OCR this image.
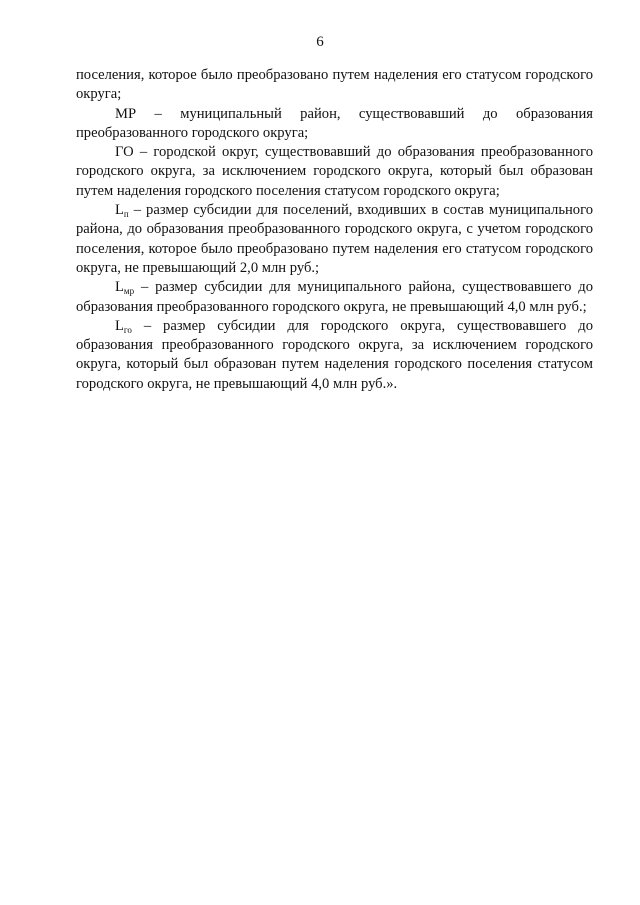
6

поселения, которое было преобразовано путем наделения его статусом городского округа;

МР – муниципальный район, существовавший до образования преобразованного городского округа;

ГО – городской округ, существовавший до образования преобразованного городского округа, за исключением городского округа, который был образован путем наделения городского поселения статусом городского округа;

$L_п$ – размер субсидии для поселений, входивших в состав муниципального района, до образования преобразованного городского округа, с учетом городского поселения, которое было преобразовано путем наделения его статусом городского округа, не превышающий 2,0 млн руб.;

$L_{мр}$ – размер субсидии для муниципального района, существовавшего до образования преобразованного городского округа, не превышающий 4,0 млн руб.;

$L_{го}$ – размер субсидии для городского округа, существовавшего до образования преобразованного городского округа, за исключением городского округа, который был образован путем наделения городского поселения статусом городского округа, не превышающий 4,0 млн руб.».
